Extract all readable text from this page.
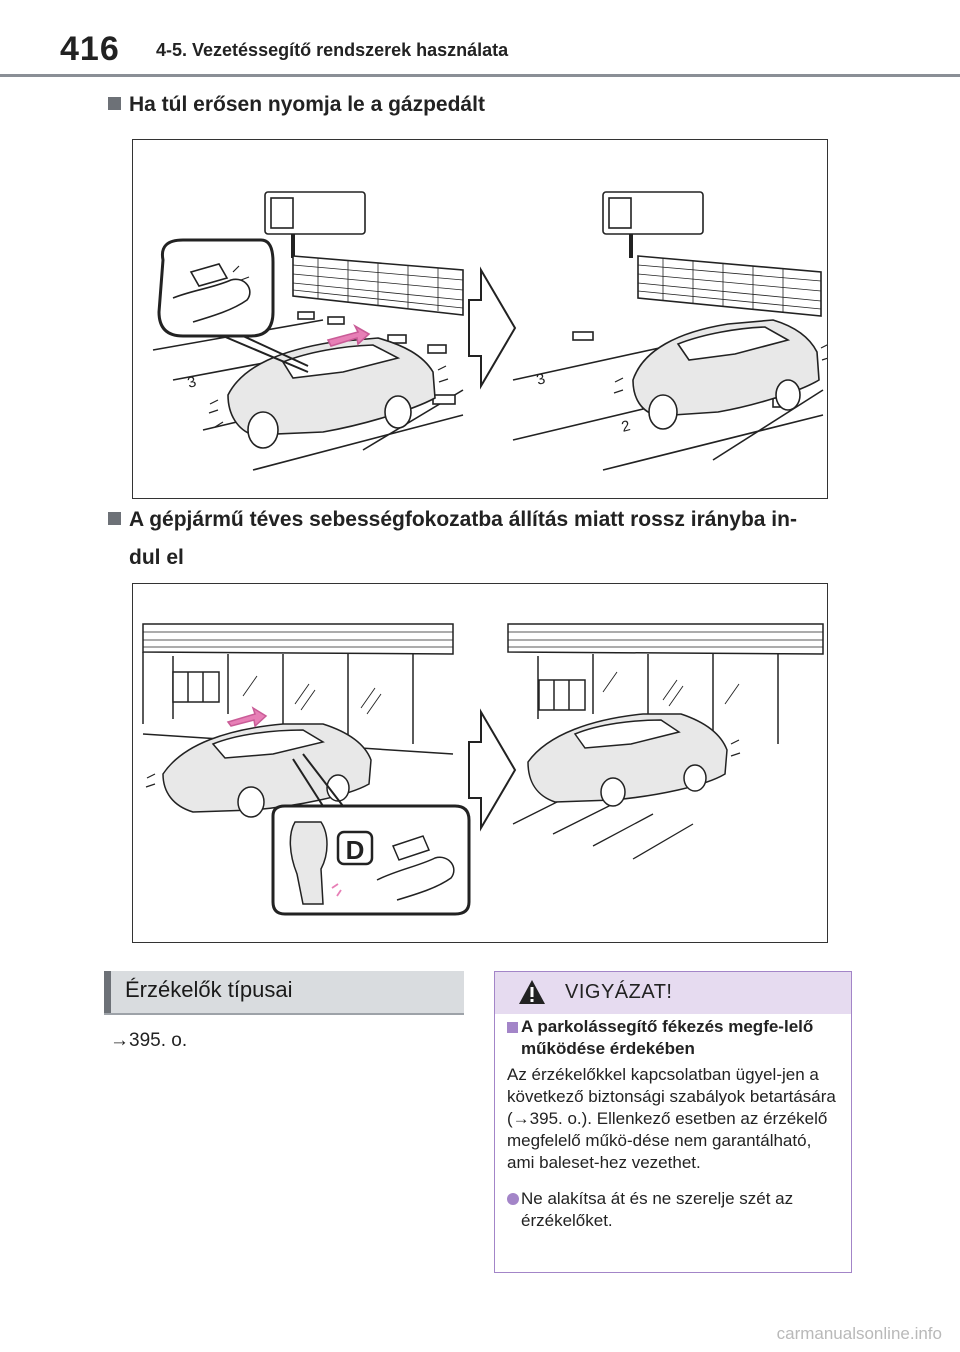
416 4-5. Vezetéssegítő rendszerek használata
Ha túl erősen nyomja le a gázpedált
3	3
2
A gépjármű téves sebességfokozatba állítás miatt rossz irányba in-
dul el
D
Érzékelők típusai
→395. o.
VIGYÁZAT!
A parkolássegítő fékezés megfe-lelő működése érdekében
Az érzékelőkkel kapcsolatban ügyel-jen a következő biztonsági szabályok betartására (→395. o.). Ellenkező esetben az érzékelő megfelelő műkö-dése nem garantálható, ami baleset-hez vezethet.
Ne alakítsa át és ne szerelje szét az érzékelőket.
carmanualsonline.info
